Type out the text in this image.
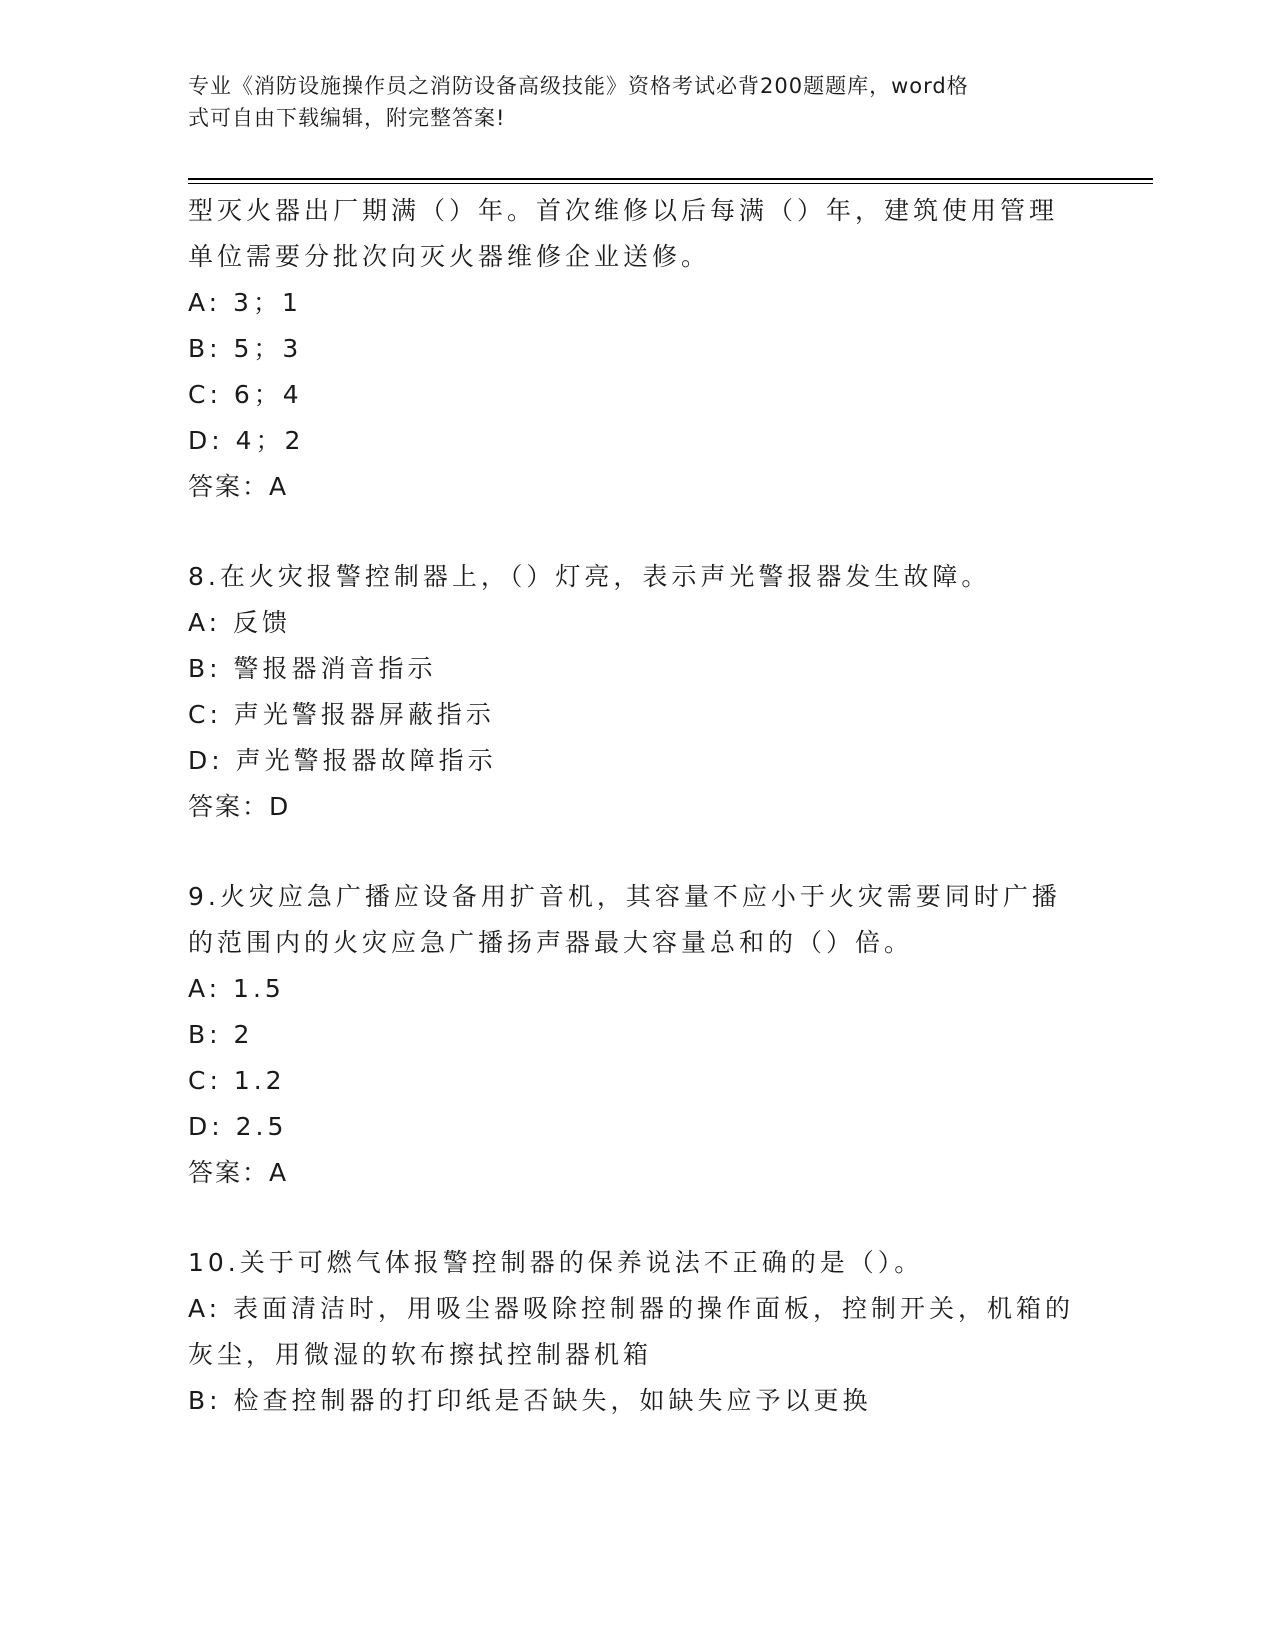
专业《消防设施操作员之消防设备高级技能》资格考试必背200题题库，word格
式可自由下载编辑，附完整答案!
型灭火器出厂期满（）年。首次维修以后每满（）年，建筑使用管理
单位需要分批次向灭火器维修企业送修。
A: 3；1
B: 5；3
C: 6；4
D: 4；2
答案：A
8.在火灾报警控制器上，（）灯亮，表示声光警报器发生故障。
A: 反馈
B: 警报器消音指示
C: 声光警报器屏蔽指示
D: 声光警报器故障指示
答案：D
9.火灾应急广播应设备用扩音机，其容量不应小于火灾需要同时广播
的范围内的火灾应急广播扬声器最大容量总和的（）倍。
A: 1.5
B: 2
C: 1.2
D: 2.5
答案：A
10.关于可燃气体报警控制器的保养说法不正确的是（）。
A: 表面清洁时，用吸尘器吸除控制器的操作面板，控制开关，机箱的
灰尘，用微湿的软布擦拭控制器机箱
B: 检查控制器的打印纸是否缺失，如缺失应予以更换
